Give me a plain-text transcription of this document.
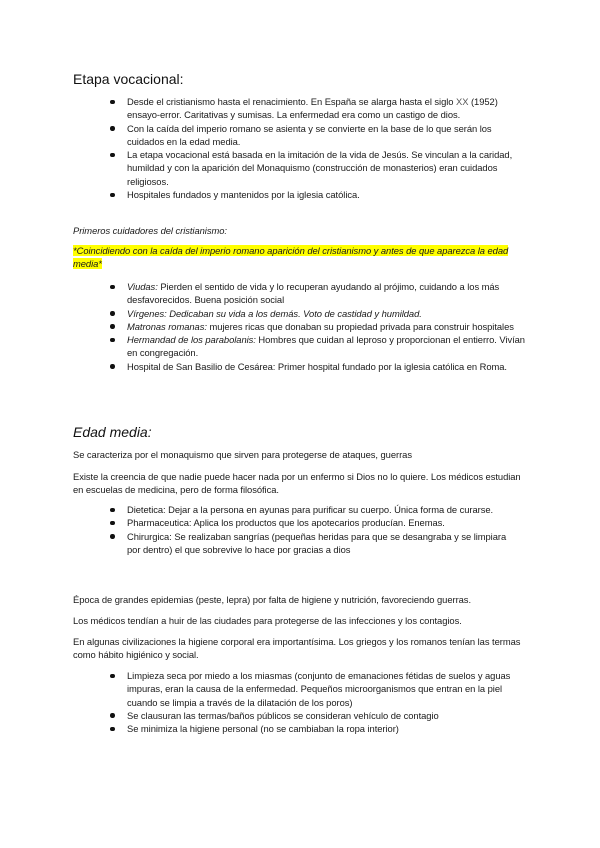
Etapa vocacional:
Desde el cristianismo hasta el renacimiento. En España se alarga hasta el siglo XX (1952) ensayo-error. Caritativas y sumisas. La enfermedad era como un castigo de dios.
Con la caída del imperio romano se asienta y se convierte en la base de lo que serán los cuidados en la edad media.
La etapa vocacional está basada en la imitación de la vida de Jesús. Se vinculan a la caridad, humildad y con la aparición del Monaquismo (construcción de monasterios) eran cuidados religiosos.
Hospitales fundados y mantenidos por la iglesia católica.

Primeros cuidadores del cristianismo:

*Coincidiendo con la caída del imperio romano aparición del cristianismo y antes de que aparezca la edad media*

Viudas: Pierden el sentido de vida y lo recuperan ayudando al prójimo, cuidando a los más desfavorecidos. Buena posición social
Vírgenes: Dedicaban su vida a los demás. Voto de castidad y humildad.
Matronas romanas: mujeres ricas que donaban su propiedad privada para construir hospitales
Hermandad de los parabolanis: Hombres que cuidan al leproso y proporcionan el entierro. Vivían en congregación.
Hospital de San Basilio de Cesárea: Primer hospital fundado por la iglesia católica en Roma.
Edad media:

Se caracteriza por el monaquismo que sirven para protegerse de ataques, guerras

Existe la creencia de que nadie puede hacer nada por un enfermo si Dios no lo quiere. Los médicos estudian en escuelas de medicina, pero de forma filosófica.

Dietetica: Dejar a la persona en ayunas para purificar su cuerpo. Única forma de curarse.
Pharmaceutica: Aplica los productos que los apotecarios producían. Enemas.
Chirurgica: Se realizaban sangrías (pequeñas heridas para que se desangraba y se limpiara por dentro) el que sobrevive lo hace por gracias a dios

Época de grandes epidemias (peste, lepra) por falta de higiene y nutrición, favoreciendo guerras.

Los médicos tendían a huir de las ciudades para protegerse de las infecciones y los contagios.

En algunas civilizaciones la higiene corporal era importantísima. Los griegos y los romanos tenían las termas como hábito higiénico y social.

Limpieza seca por miedo a los miasmas (conjunto de emanaciones fétidas de suelos y aguas impuras, eran la causa de la enfermedad. Pequeños microorganismos que entran en la piel cuando se limpia a través de la dilatación de los poros)
Se clausuran las termas/baños públicos se consideran vehículo de contagio
Se minimiza la higiene personal (no se cambiaban la ropa interior)
